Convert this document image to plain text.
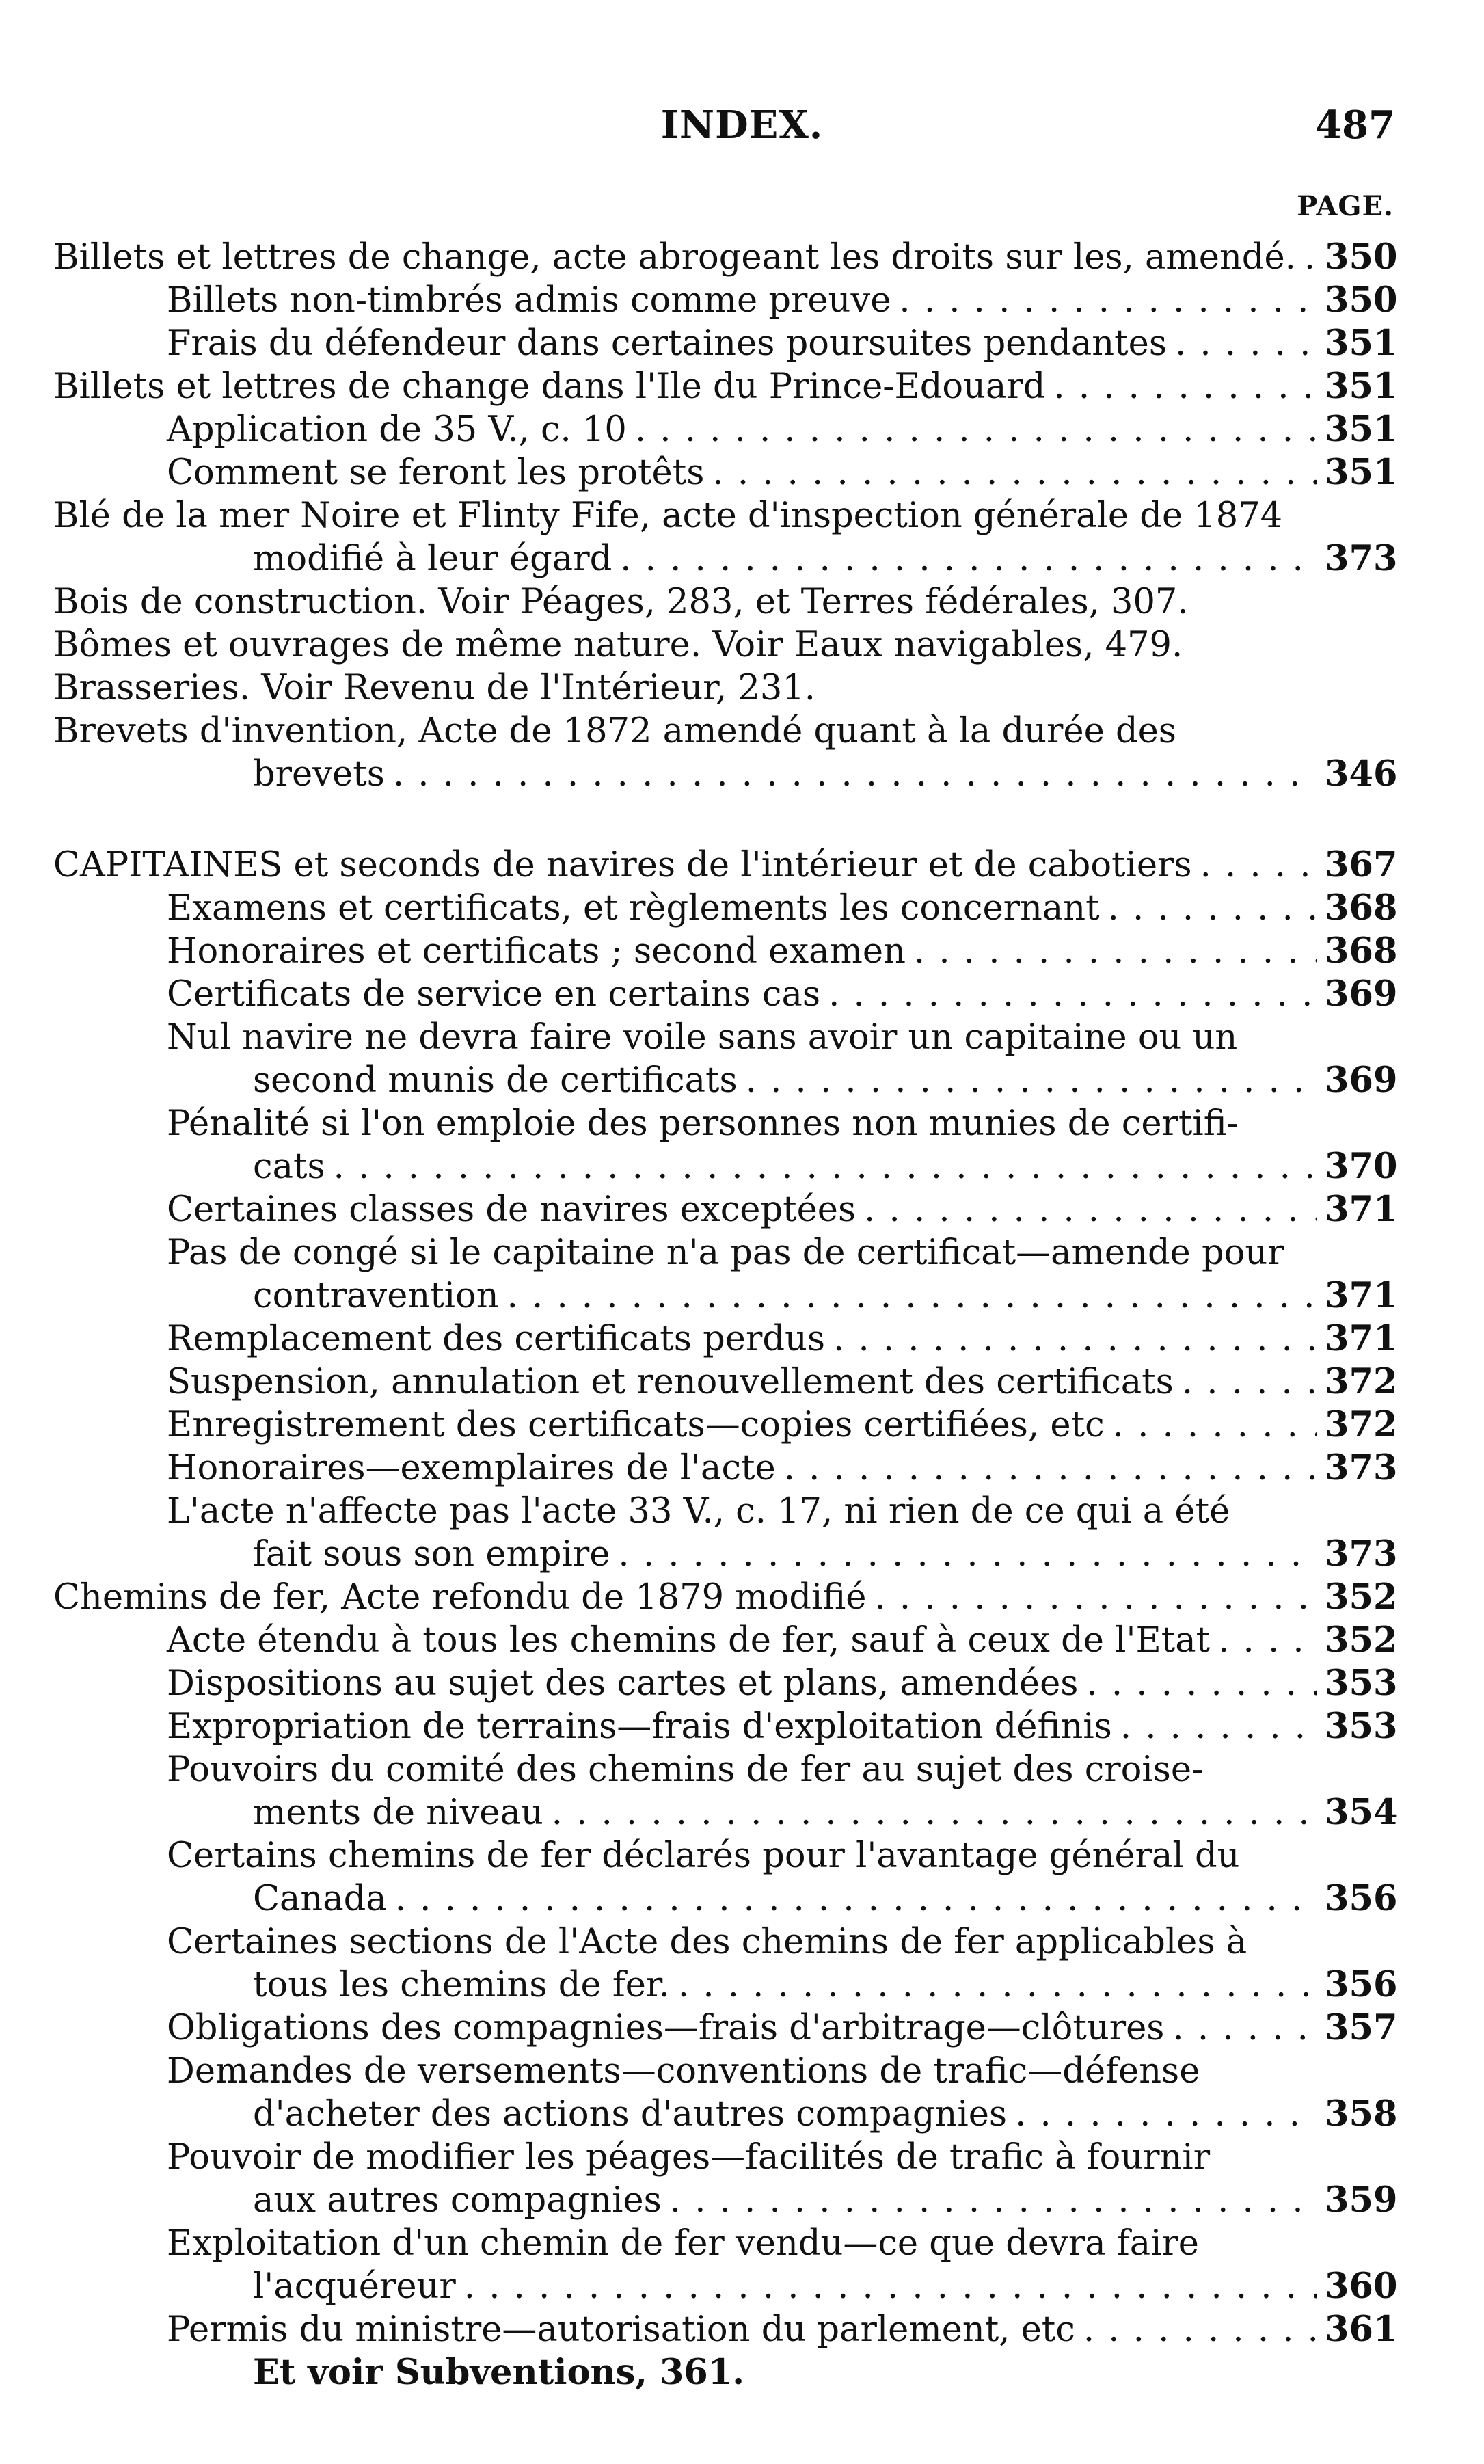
INDEX.	487
PAGE.
Billets et lettres de change, acte abrogeant les droits sur les, amendé. . . . 350
Billets non-timbrés admis comme preuve . . .	350
Frais du défendeur dans certaines poursuites pendantes . . .	351
Billets et lettres de change dans l'Ile du Prince-Edouard . . .	351
Application de 35 V., c. 10 . . .	351
Comment se feront les protêts . . .	351
Blé de la mer Noire et Flinty Fife, acte d'inspection générale de 1874
modifié à leur égard . . .	373
Bois de construction. Voir Péages, 283, et Terres fédérales, 307.
Bômes et ouvrages de même nature. Voir Eaux navigables, 479.
Brasseries. Voir Revenu de l'Intérieur, 231.
Brevets d'invention, Acte de 1872 amendé quant à la durée des
brevets . . .	346
CAPITAINES et seconds de navires de l'intérieur et de cabotiers . . .	367
Examens et certificats, et règlements les concernant . . .	368
Honoraires et certificats ; second examen . . .	368
Certificats de service en certains cas . . .	369
Nul navire ne devra faire voile sans avoir un capitaine ou un
second munis de certificats . . .	369
Pénalité si l'on emploie des personnes non munies de certifi-
cats . . .	370
Certaines classes de navires exceptées . . .	371
Pas de congé si le capitaine n'a pas de certificat—amende pour
contravention . . .	371
Remplacement des certificats perdus . . .	371
Suspension, annulation et renouvellement des certificats . . .	372
Enregistrement des certificats—copies certifiées, etc . . .	372
Honoraires—exemplaires de l'acte . . .	373
L'acte n'affecte pas l'acte 33 V., c. 17, ni rien de ce qui a été
fait sous son empire . . .	373
Chemins de fer, Acte refondu de 1879 modifié . . .	352
Acte étendu à tous les chemins de fer, sauf à ceux de l'Etat . . .	352
Dispositions au sujet des cartes et plans, amendées . . .	353
Expropriation de terrains—frais d'exploitation définis . . .	353
Pouvoirs du comité des chemins de fer au sujet des croise-
ments de niveau . . .	354
Certains chemins de fer déclarés pour l'avantage général du
Canada . . .	356
Certaines sections de l'Acte des chemins de fer applicables à
tous les chemins de fer. . . .	356
Obligations des compagnies—frais d'arbitrage—clôtures . . .	357
Demandes de versements—conventions de trafic—défense
d'acheter des actions d'autres compagnies . . .	358
Pouvoir de modifier les péages—facilités de trafic à fournir
aux autres compagnies . . .	359
Exploitation d'un chemin de fer vendu—ce que devra faire
l'acquéreur . . .	360
Permis du ministre—autorisation du parlement, etc . . .	361
Et voir Subventions, 361.
